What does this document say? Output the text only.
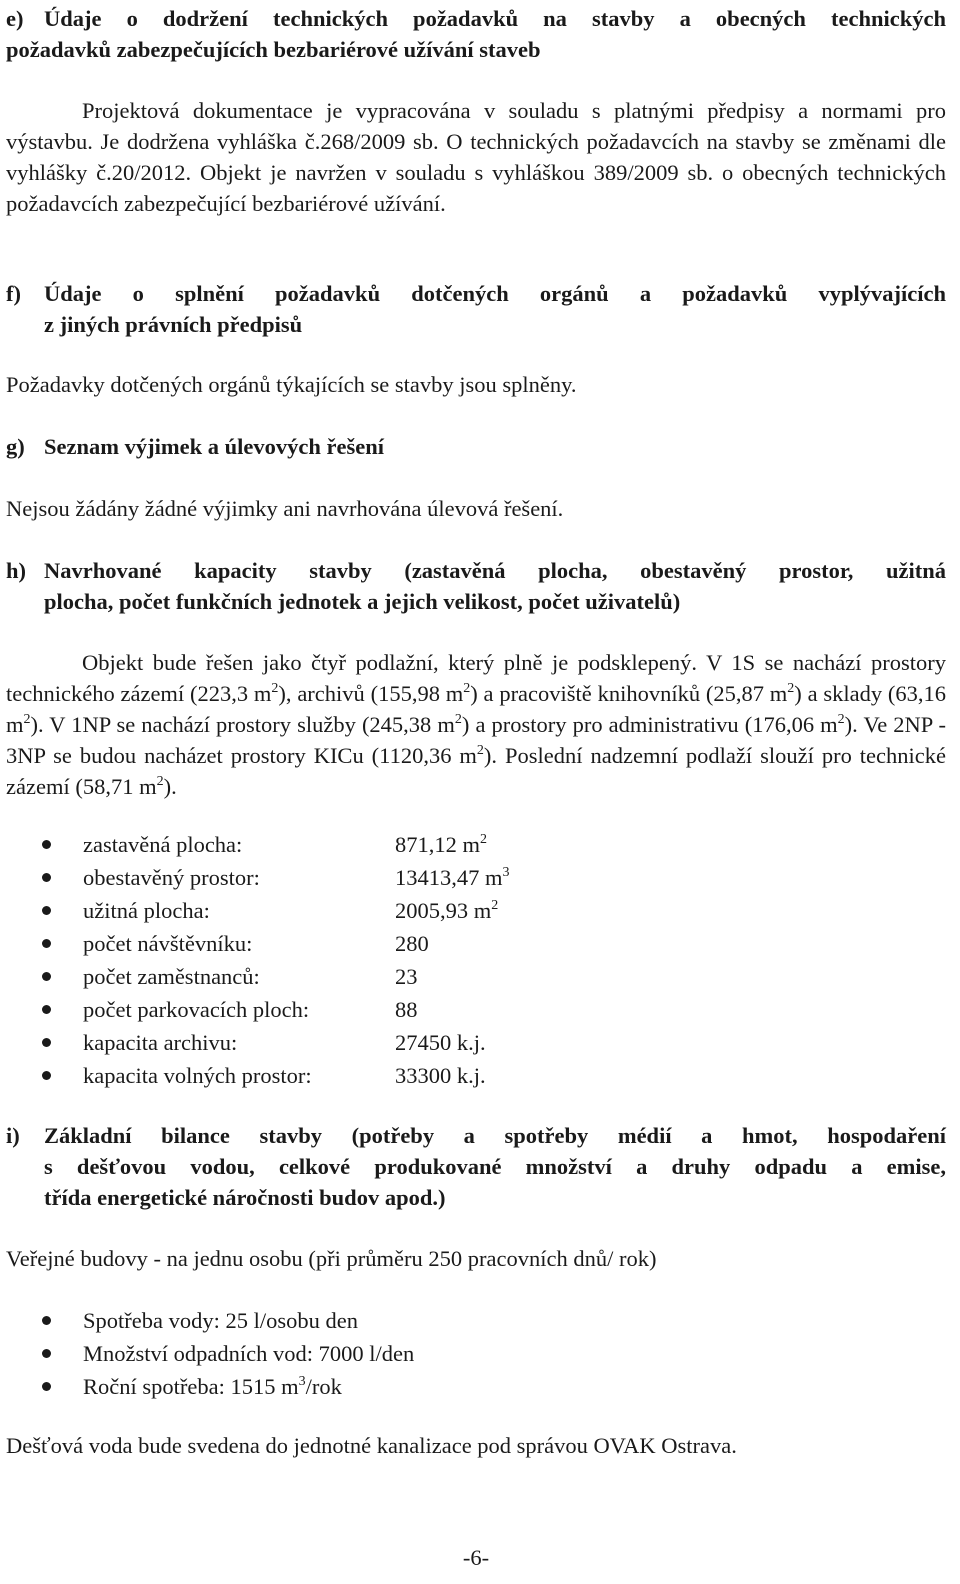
e) Údaje o dodržení technických požadavků na stavby a obecných technických
požadavků zabezpečujících bezbariérové užívání staveb

Projektová dokumentace je vypracována v souladu s platnými předpisy a normami pro výstavbu. Je dodržena vyhláška č.268/2009 sb. O technických požadavcích na stavby se změnami dle vyhlášky č.20/2012. Objekt je navržen v souladu s vyhláškou 389/2009 sb. o obecných technických požadavcích zabezpečující bezbariérové užívání.

f) Údaje o splnění požadavků dotčených orgánů a požadavků vyplývajících
z jiných právních předpisů

Požadavky dotčených orgánů týkajících se stavby jsou splněny.

g) Seznam výjimek a úlevových řešení

Nejsou žádány žádné výjimky ani navrhována úlevová řešení.

h) Navrhované kapacity stavby (zastavěná plocha, obestavěný prostor, užitná
plocha, počet funkčních jednotek a jejich velikost, počet uživatelů)

Objekt bude řešen jako čtyř podlažní, který plně je podsklepený. V 1S se nachází prostory technického zázemí (223,3 $m^2$), archivů (155,98 $m^2$) a pracoviště knihovníků (25,87 $m^2$) a sklady (63,16 $m^2$). V 1NP se nachází prostory služby (245,38 $m^2$) a prostory pro administrativu (176,06 $m^2$). Ve 2NP - 3NP se budou nacházet prostory KICu (1120,36 $m^2$). Poslední nadzemní podlaží slouží pro technické zázemí (58,71 $m^2$).

zastavěná plocha:	871,12 $m^2$
obestavěný prostor:	13413,47 $m^3$
užitná plocha:	2005,93 $m^2$
počet návštěvníku:	280
počet zaměstnanců:	23
počet parkovacích ploch:	88
kapacita archivu:	27450 k.j.
kapacita volných prostor:	33300 k.j.
i) Základní bilance stavby (potřeby a spotřeby médií a hmot, hospodaření
s dešťovou vodou, celkové produkované množství a druhy odpadu a emise,
třída energetické náročnosti budov apod.)

Veřejné budovy - na jednu osobu (při průměru 250 pracovních dnů/ rok)

Spotřeba vody: 25 l/osobu den
Množství odpadních vod: 7000 l/den
Roční spotřeba: 1515 $m^3$/rok

Dešťová voda bude svedena do jednotné kanalizace pod správou OVAK Ostrava.

-6-
